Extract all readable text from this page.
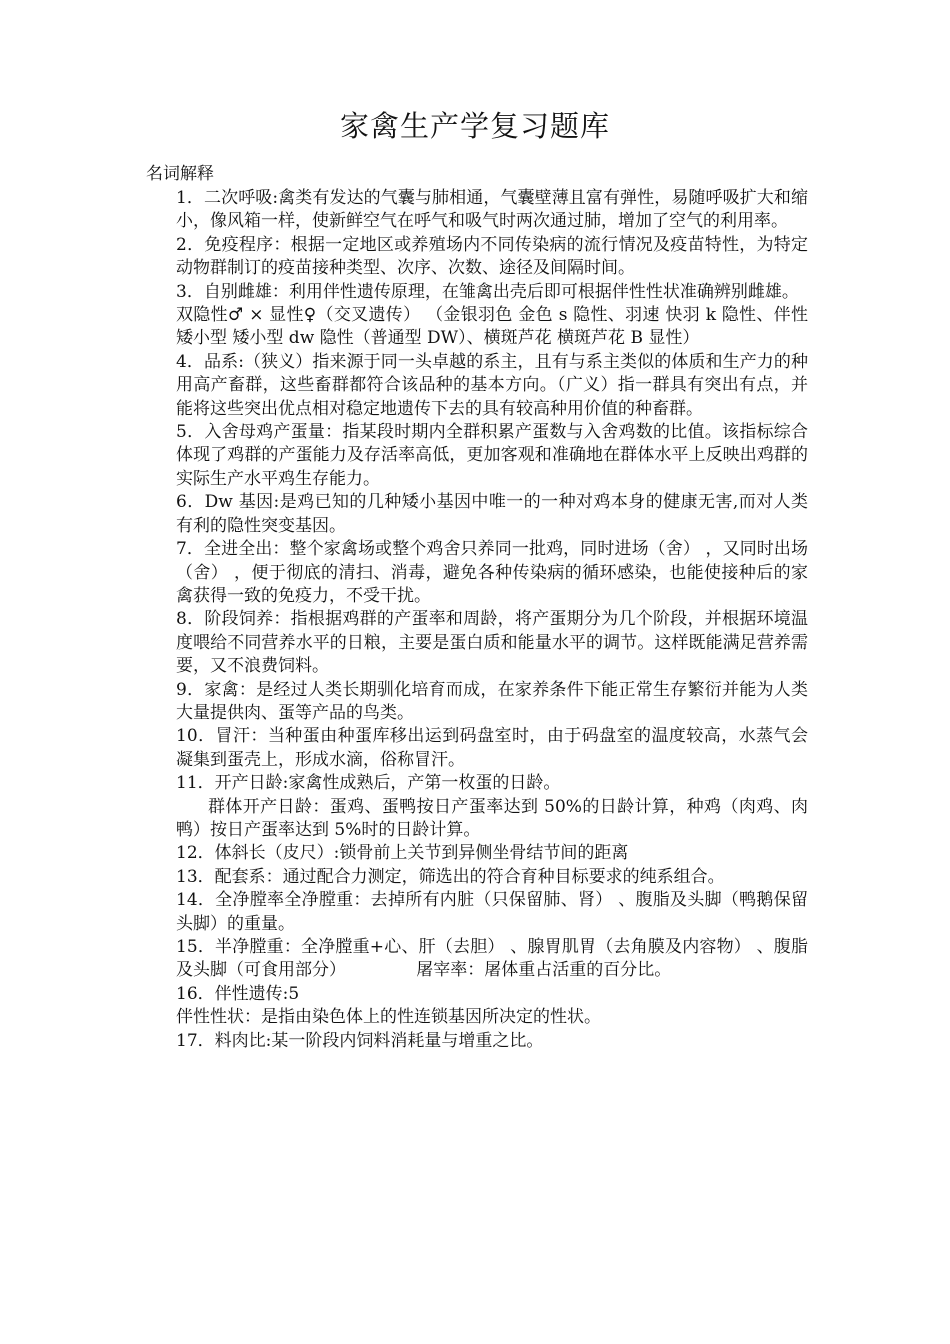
家禽生产学复习题库
名词解释

1．二次呼吸:禽类有发达的气囊与肺相通，气囊壁薄且富有弹性，易随呼吸扩大和缩小，像风箱一样，使新鲜空气在呼气和吸气时两次通过肺，增加了空气的利用率。

2．免疫程序：根据一定地区或养殖场内不同传染病的流行情况及疫苗特性，为特定动物群制订的疫苗接种类型、次序、次数、途径及间隔时间。

3．自别雌雄：利用伴性遗传原理，在雏禽出壳后即可根据伴性性状准确辨别雌雄。

双隐性♂ × 显性♀（交叉遗传） （金银羽色 金色 s 隐性、羽速 快羽 k 隐性、伴性矮小型 矮小型 dw 隐性（普通型 DW）、横斑芦花 横斑芦花 B 显性）

4．品系:（狭义）指来源于同一头卓越的系主，且有与系主类似的体质和生产力的种用高产畜群，这些畜群都符合该品种的基本方向。（广义）指一群具有突出有点，并能将这些突出优点相对稳定地遗传下去的具有较高种用价值的种畜群。

5．入舍母鸡产蛋量：指某段时期内全群积累产蛋数与入舍鸡数的比值。该指标综合体现了鸡群的产蛋能力及存活率高低，更加客观和准确地在群体水平上反映出鸡群的实际生产水平鸡生存能力。

6．Dw 基因:是鸡已知的几种矮小基因中唯一的一种对鸡本身的健康无害,而对人类有利的隐性突变基因。

7．全进全出：整个家禽场或整个鸡舍只养同一批鸡，同时进场（舍） ，又同时出场（舍） ，便于彻底的清扫、消毒，避免各种传染病的循环感染，也能使接种后的家禽获得一致的免疫力，不受干扰。

8．阶段饲养：指根据鸡群的产蛋率和周龄，将产蛋期分为几个阶段，并根据环境温度喂给不同营养水平的日粮，主要是蛋白质和能量水平的调节。这样既能满足营养需要，又不浪费饲料。

9．家禽：是经过人类长期驯化培育而成，在家养条件下能正常生存繁衍并能为人类大量提供肉、蛋等产品的鸟类。

10．冒汗：当种蛋由种蛋库移出运到码盘室时，由于码盘室的温度较高，水蒸气会凝集到蛋壳上，形成水滴，俗称冒汗。

11．开产日龄:家禽性成熟后，产第一枚蛋的日龄。

群体开产日龄：蛋鸡、蛋鸭按日产蛋率达到 50%的日龄计算，种鸡（肉鸡、肉鸭）按日产蛋率达到 5%时的日龄计算。

12．体斜长（皮尺）:锁骨前上关节到异侧坐骨结节间的距离

13．配套系：通过配合力测定，筛选出的符合育种目标要求的纯系组合。

14．全净膛率全净膛重：去掉所有内脏（只保留肺、肾） 、腹脂及头脚（鸭鹅保留头脚）的重量。

15．半净膛重：全净膛重+心、肝（去胆） 、腺胃肌胃（去角膜及内容物） 、腹脂及头脚（可食用部分）             屠宰率：屠体重占活重的百分比。

16．伴性遗传:5

伴性性状：是指由染色体上的性连锁基因所决定的性状。

17．料肉比:某一阶段内饲料消耗量与增重之比。
